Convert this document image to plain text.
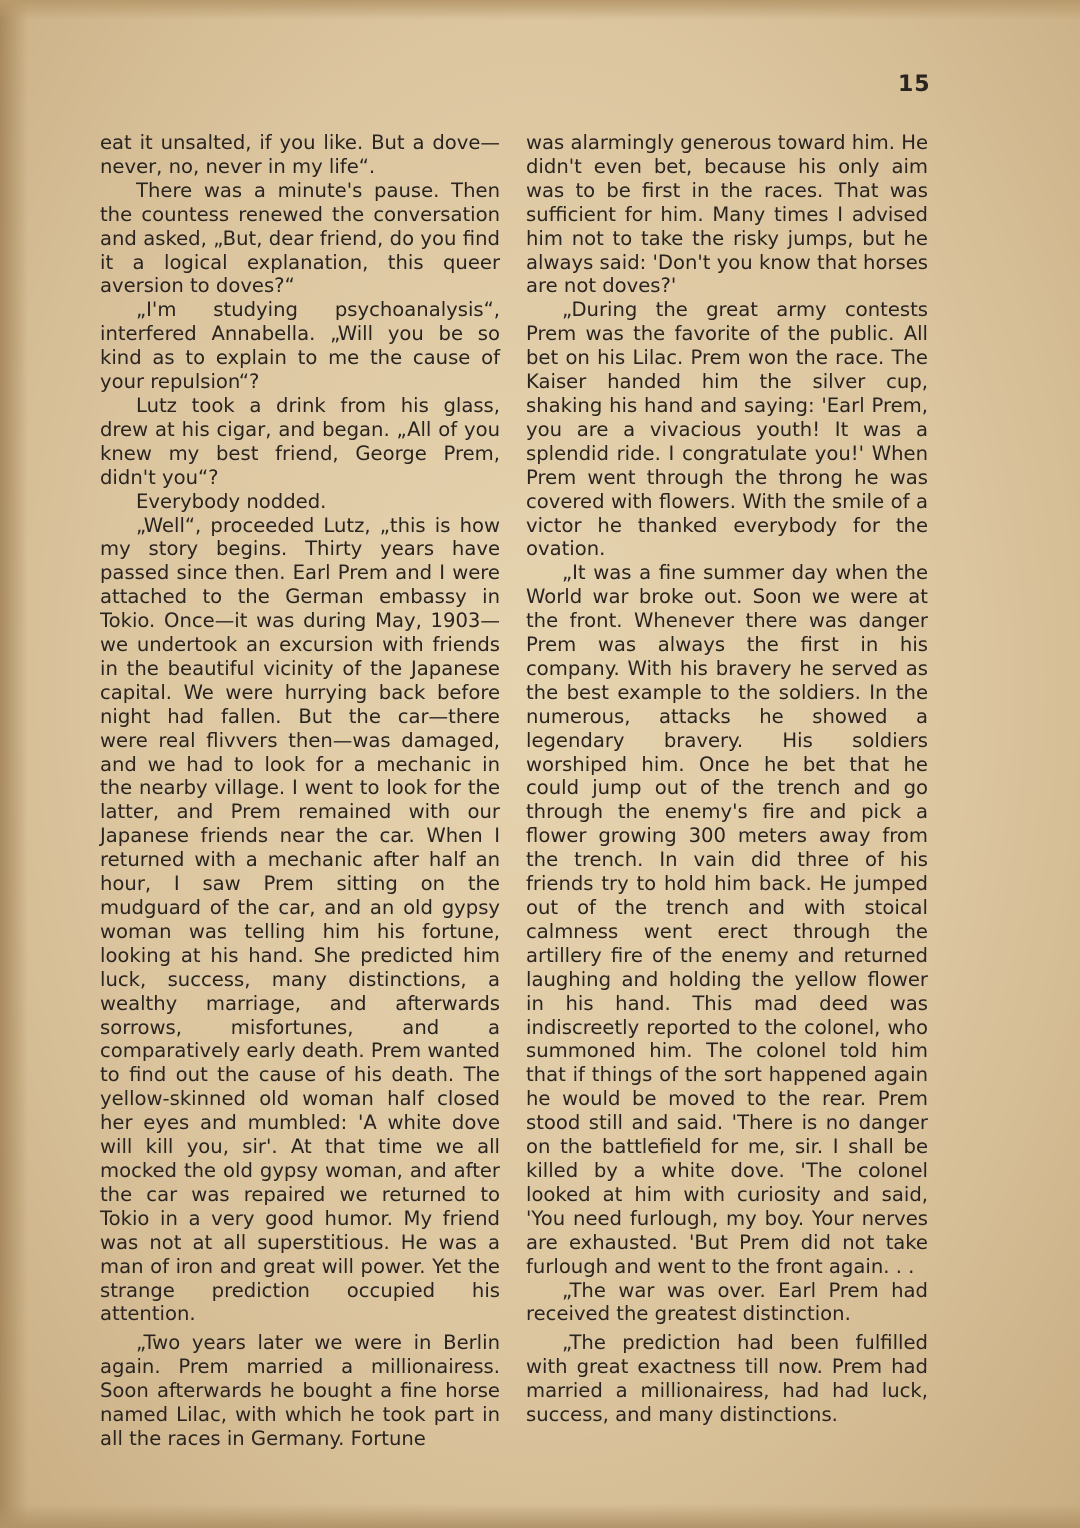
15

eat it unsalted, if you like. But a dove—never, no, never in my life“.

There was a minute's pause. Then the countess renewed the conversation and asked, „But, dear friend, do you find it a logical explanation, this queer aversion to doves?“

„I'm studying psychoanalysis“, interfered Annabella. „Will you be so kind as to explain to me the cause of your repulsion“?

Lutz took a drink from his glass, drew at his cigar, and began. „All of you knew my best friend, George Prem, didn't you“?

Everybody nodded.

„Well“, proceeded Lutz, „this is how my story begins. Thirty years have passed since then. Earl Prem and I were attached to the German embassy in Tokio. Once—it was during May, 1903—we undertook an excursion with friends in the beautiful vicinity of the Japanese capital. We were hurrying back before night had fallen. But the car—there were real flivvers then—was damaged, and we had to look for a mechanic in the nearby village. I went to look for the latter, and Prem remained with our Japanese friends near the car. When I returned with a mechanic after half an hour, I saw Prem sitting on the mudguard of the car, and an old gypsy woman was telling him his fortune, looking at his hand. She predicted him luck, success, many distinctions, a wealthy marriage, and afterwards sorrows, misfortunes, and a comparatively early death. Prem wanted to find out the cause of his death. The yellow-skinned old woman half closed her eyes and mumbled: 'A white dove will kill you, sir'. At that time we all mocked the old gypsy woman, and after the car was repaired we returned to Tokio in a very good humor. My friend was not at all superstitious. He was a man of iron and great will power. Yet the strange prediction occupied his attention.

„Two years later we were in Berlin again. Prem married a millionairess. Soon afterwards he bought a fine horse named Lilac, with which he took part in all the races in Germany. Fortune

was alarmingly generous toward him. He didn't even bet, because his only aim was to be first in the races. That was sufficient for him. Many times I advised him not to take the risky jumps, but he always said: 'Don't you know that horses are not doves?'

„During the great army contests Prem was the favorite of the public. All bet on his Lilac. Prem won the race. The Kaiser handed him the silver cup, shaking his hand and saying: 'Earl Prem, you are a vivacious youth! It was a splendid ride. I congratulate you!' When Prem went through the throng he was covered with flowers. With the smile of a victor he thanked everybody for the ovation.

„It was a fine summer day when the World war broke out. Soon we were at the front. Whenever there was danger Prem was always the first in his company. With his bravery he served as the best example to the soldiers. In the numerous, attacks he showed a legendary bravery. His soldiers worshiped him. Once he bet that he could jump out of the trench and go through the enemy's fire and pick a flower growing 300 meters away from the trench. In vain did three of his friends try to hold him back. He jumped out of the trench and with stoical calmness went erect through the artillery fire of the enemy and returned laughing and holding the yellow flower in his hand. This mad deed was indiscreetly reported to the colonel, who summoned him. The colonel told him that if things of the sort happened again he would be moved to the rear. Prem stood still and said. 'There is no danger on the battlefield for me, sir. I shall be killed by a white dove. 'The colonel looked at him with curiosity and said, 'You need furlough, my boy. Your nerves are exhausted. 'But Prem did not take furlough and went to the front again. . .

„The war was over. Earl Prem had received the greatest distinction.

„The prediction had been fulfilled with great exactness till now. Prem had married a millionairess, had had luck, success, and many distinctions.
